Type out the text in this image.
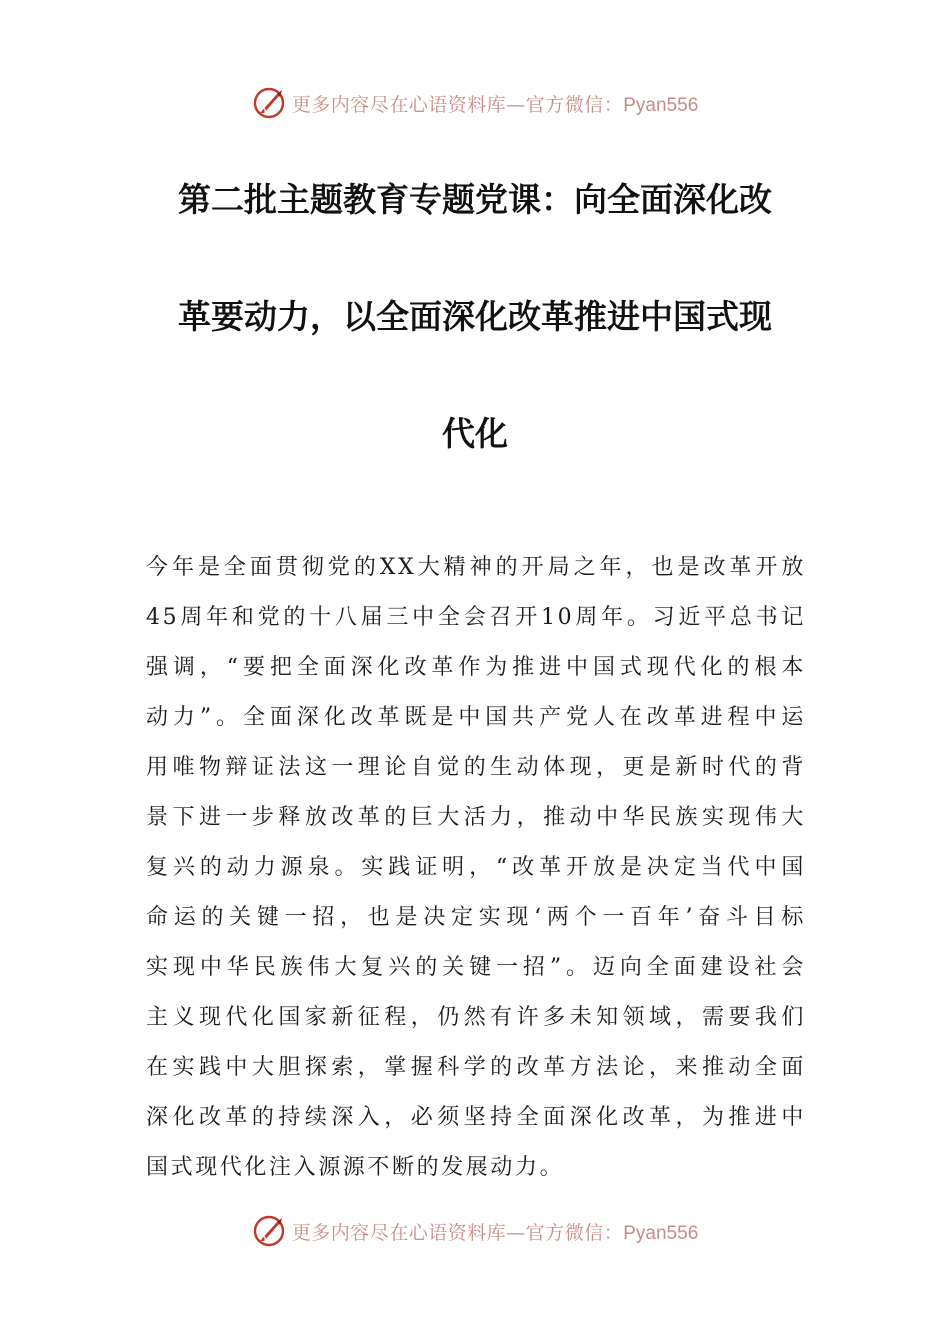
更多内容尽在心语资料库—官方微信：Pyan556
第二批主题教育专题党课：向全面深化改
革要动力，以全面深化改革推进中国式现
代化
今年是全面贯彻党的XX大精神的开局之年，也是改革开放
45周年和党的十八届三中全会召开10周年。习近平总书记
强调，“要把全面深化改革作为推进中国式现代化的根本
动力”。全面深化改革既是中国共产党人在改革进程中运
用唯物辩证法这一理论自觉的生动体现，更是新时代的背
景下进一步释放改革的巨大活力，推动中华民族实现伟大
复兴的动力源泉。实践证明，“改革开放是决定当代中国
命运的关键一招，也是决定实现‘两个一百年’奋斗目标
实现中华民族伟大复兴的关键一招”。迈向全面建设社会
主义现代化国家新征程，仍然有许多未知领域，需要我们
在实践中大胆探索，掌握科学的改革方法论，来推动全面
深化改革的持续深入，必须坚持全面深化改革，为推进中
国式现代化注入源源不断的发展动力。
更多内容尽在心语资料库—官方微信：Pyan556
